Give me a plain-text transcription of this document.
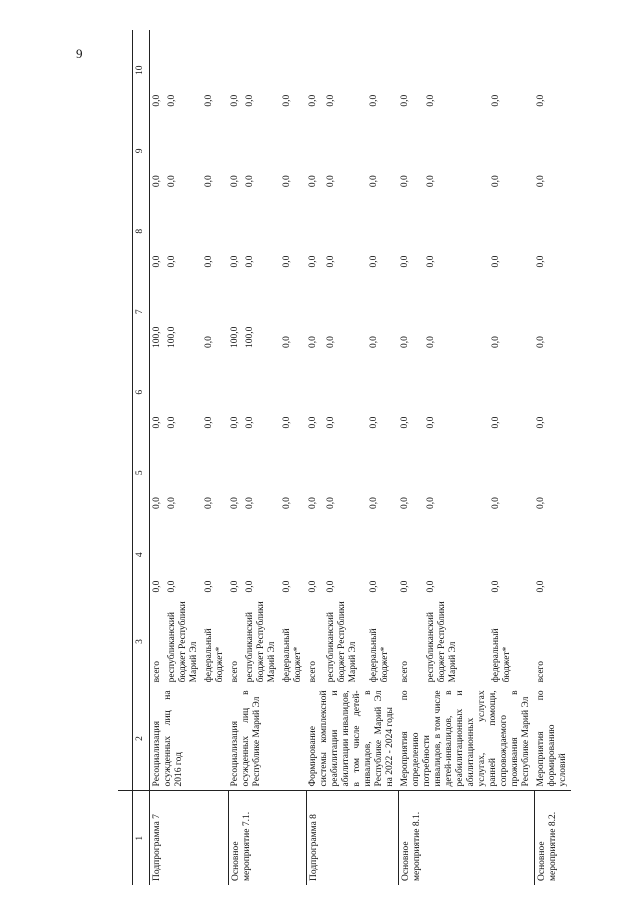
9

1	2	3	4	5	6	7	8	9	10
Подпрограмма 7	Ресоциализация осужденных лиц на 2016 год	всего	0,0	0,0	0,0	100,0	0,0	0,0	0,0
		республиканский бюджет Республики Марий Эл	0,0	0,0	0,0	100,0	0,0	0,0	0,0
		федеральный бюджет*	0,0	0,0	0,0	0,0	0,0	0,0	0,0
Основное мероприятие 7.1.	Ресоциализация осужденных лиц в Республике Марий Эл	всего	0,0	0,0	0,0	100,0	0,0	0,0	0,0
		республиканский бюджет Республики Марий Эл	0,0	0,0	0,0	100,0	0,0	0,0	0,0
		федеральный бюджет*	0,0	0,0	0,0	0,0	0,0	0,0	0,0
Подпрограмма 8	Формирование системы комплексной реабилитации и абилитации инвалидов, в том числе детей-инвалидов, в Республике Марий Эл на 2022 - 2024 годы	всего	0,0	0,0	0,0	0,0	0,0	0,0	0,0
		республиканский бюджет Республики Марий Эл	0,0	0,0	0,0	0,0	0,0	0,0	0,0
		федеральный бюджет*	0,0	0,0	0,0	0,0	0,0	0,0	0,0
Основное мероприятие 8.1.	Мероприятия по определению потребности инвалидов, в том числе детей-инвалидов, в реабилитационных и абилитационных услугах, услугах ранней помощи, сопровождаемого проживания в Республике Марий Эл	всего	0,0	0,0	0,0	0,0	0,0	0,0	0,0
		республиканский бюджет Республики Марий Эл	0,0	0,0	0,0	0,0	0,0	0,0	0,0
		федеральный бюджет*	0,0	0,0	0,0	0,0	0,0	0,0	0,0
Основное мероприятие 8.2.	Мероприятия по формированию условий	всего	0,0	0,0	0,0	0,0	0,0	0,0	0,0
